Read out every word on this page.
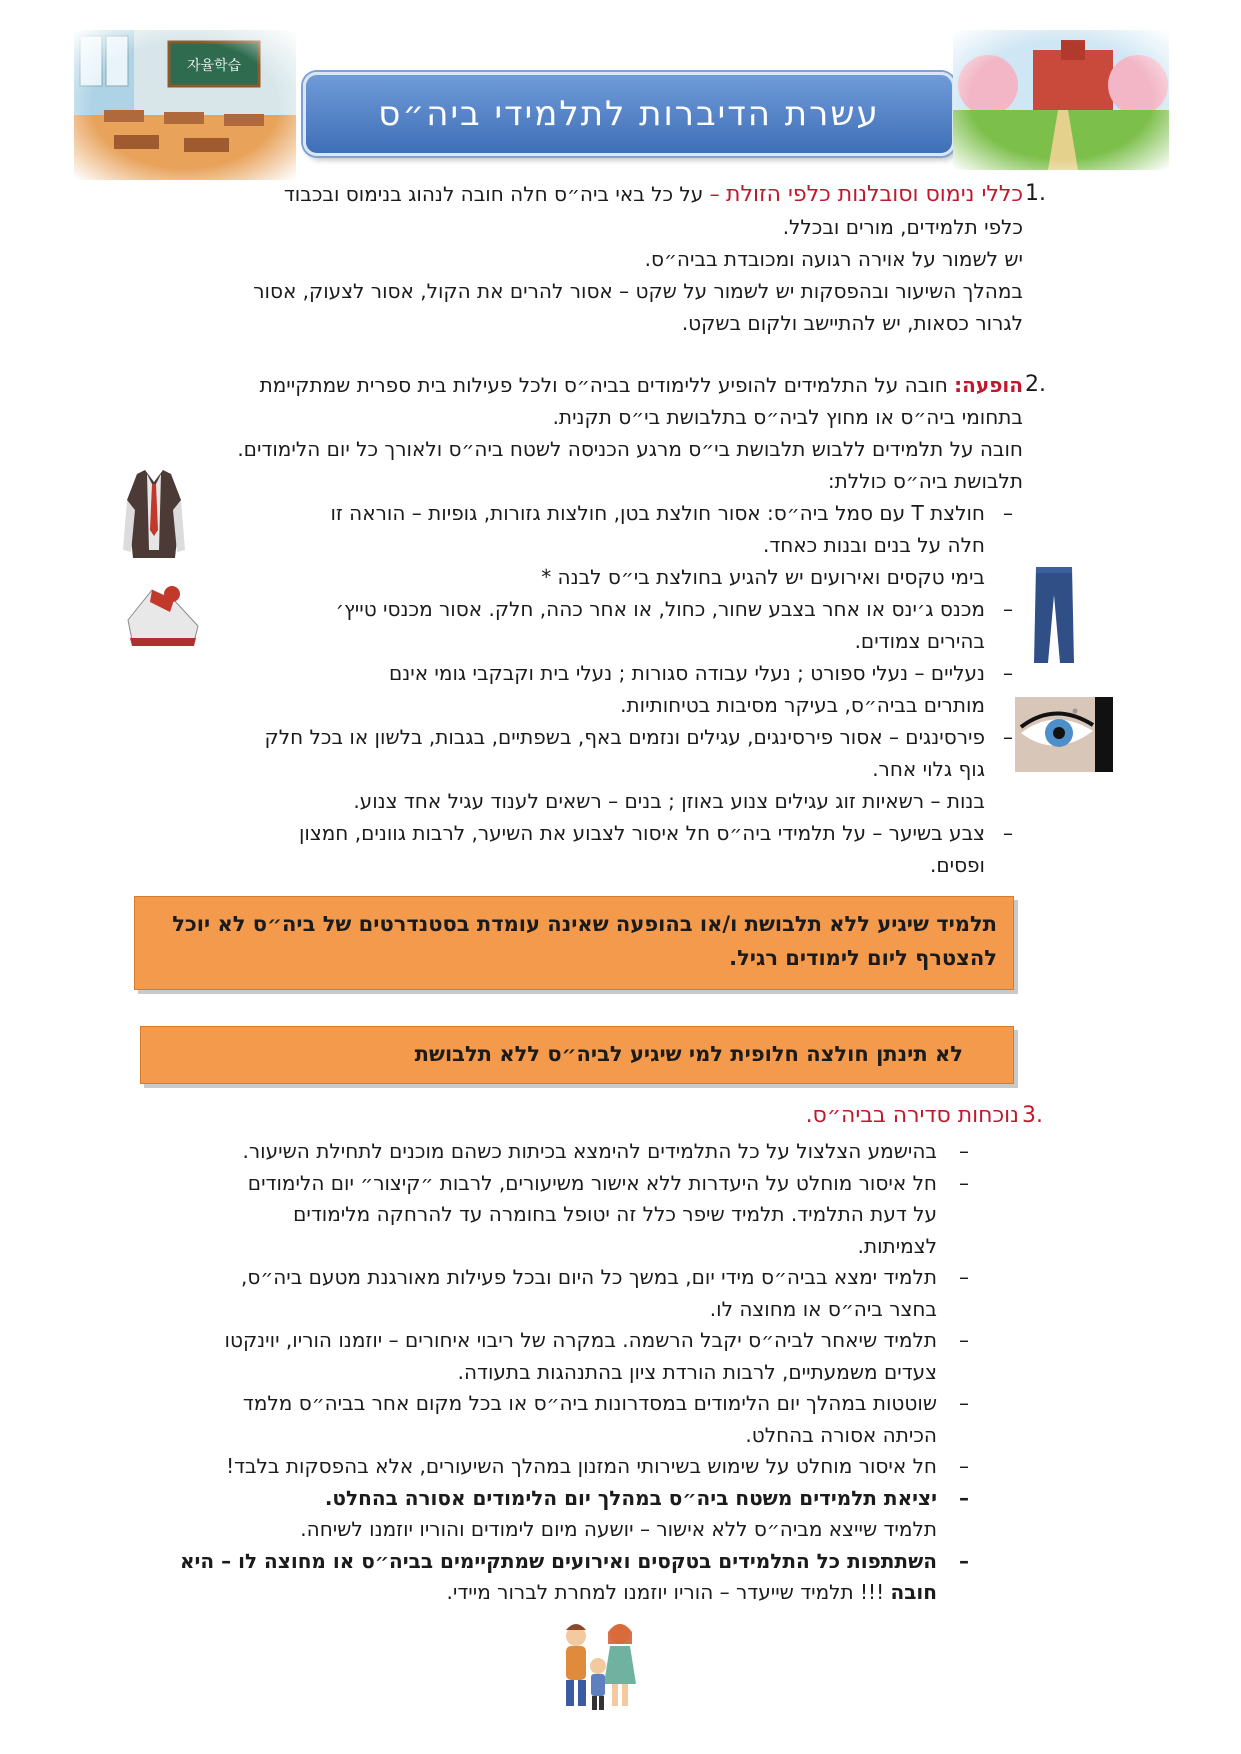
עשרת הדיברות לתלמידי ביה״ס
1.

כללי נימוס וסובלנות כלפי הזולת – על כל באי ביה״ס חלה חובה לנהוג בנימוס ובכבוד

כלפי תלמידים, מורים ובכלל.

יש לשמור על אוירה רגועה ומכובדת בביה״ס.

במהלך השיעור ובהפסקות יש לשמור על שקט – אסור להרים את הקול, אסור לצעוק, אסור

לגרור כסאות, יש להתיישב ולקום בשקט.

2.

הופעה: חובה על התלמידים להופיע ללימודים בביה״ס ולכל פעילות בית ספרית שמתקיימת

בתחומי ביה״ס או מחוץ לביה״ס בתלבושת בי״ס תקנית.

חובה על תלמידים ללבוש תלבושת בי״ס מרגע הכניסה לשטח ביה״ס ולאורך כל יום הלימודים.

תלבושת ביה״ס כוללת:

–

חולצת T עם סמל ביה״ס: אסור חולצת בטן, חולצות גזורות, גופיות – הוראה זו

חלה על בנים ובנות כאחד.

בימי טקסים ואירועים יש להגיע בחולצת בי״ס לבנה *

–

מכנס ג׳ינס או אחר בצבע שחור, כחול, או אחר כהה, חלק. אסור מכנסי טייץ׳

בהירים צמודים.

–

נעליים – נעלי ספורט ; נעלי עבודה סגורות ; נעלי בית וקבקבי גומי אינם

מותרים בביה״ס, בעיקר מסיבות בטיחותיות.

–

פירסינגים – אסור פירסינגים, עגילים ונזמים באף, בשפתיים, בגבות, בלשון או בכל חלק

גוף גלוי אחר.

בנות – רשאיות זוג עגילים צנוע באוזן ; בנים – רשאים לענוד עגיל אחד צנוע.

–

צבע בשיער – על תלמידי ביה״ס חל איסור לצבוע את השיער, לרבות גוונים, חמצון

ופסים.

תלמיד שיגיע ללא תלבושת ו/או בהופעה שאינה עומדת בסטנדרטים של ביה״ס לא יוכל להצטרף ליום לימודים רגיל.
לא תינתן חולצה חלופית למי שיגיע לביה״ס ללא תלבושת
3.
נוכחות סדירה בביה״ס.
–

בהישמע הצלצול על כל התלמידים להימצא בכיתות כשהם מוכנים לתחילת השיעור.

–

חל איסור מוחלט על היעדרות ללא אישור משיעורים, לרבות ״קיצור״ יום הלימודים

על דעת התלמיד. תלמיד שיפר כלל זה יטופל בחומרה עד להרחקה מלימודים

לצמיתות.

–

תלמיד ימצא בביה״ס מידי יום, במשך כל היום ובכל פעילות מאורגנת מטעם ביה״ס,

בחצר ביה״ס או מחוצה לו.

–

תלמיד שיאחר לביה״ס יקבל הרשמה. במקרה של ריבוי איחורים – יוזמנו הוריו, יוינקטו

צעדים משמעתיים, לרבות הורדת ציון בהתנהגות בתעודה.

–

שוטטות במהלך יום הלימודים במסדרונות ביה״ס או בכל מקום אחר בביה״ס מלמד

הכיתה אסורה בהחלט.

–

חל איסור מוחלט על שימוש בשירותי המזנון במהלך השיעורים, אלא בהפסקות בלבד!

–

יציאת תלמידים משטח ביה״ס במהלך יום הלימודים אסורה בהחלט.

תלמיד שייצא מביה״ס ללא אישור – יושעה מיום לימודים והוריו יוזמנו לשיחה.

–

השתתפות כל התלמידים בטקסים ואירועים שמתקיימים בביה״ס או מחוצה לו – היא

חובה !!! תלמיד שייעדר – הוריו יוזמנו למחרת לברור מיידי.
